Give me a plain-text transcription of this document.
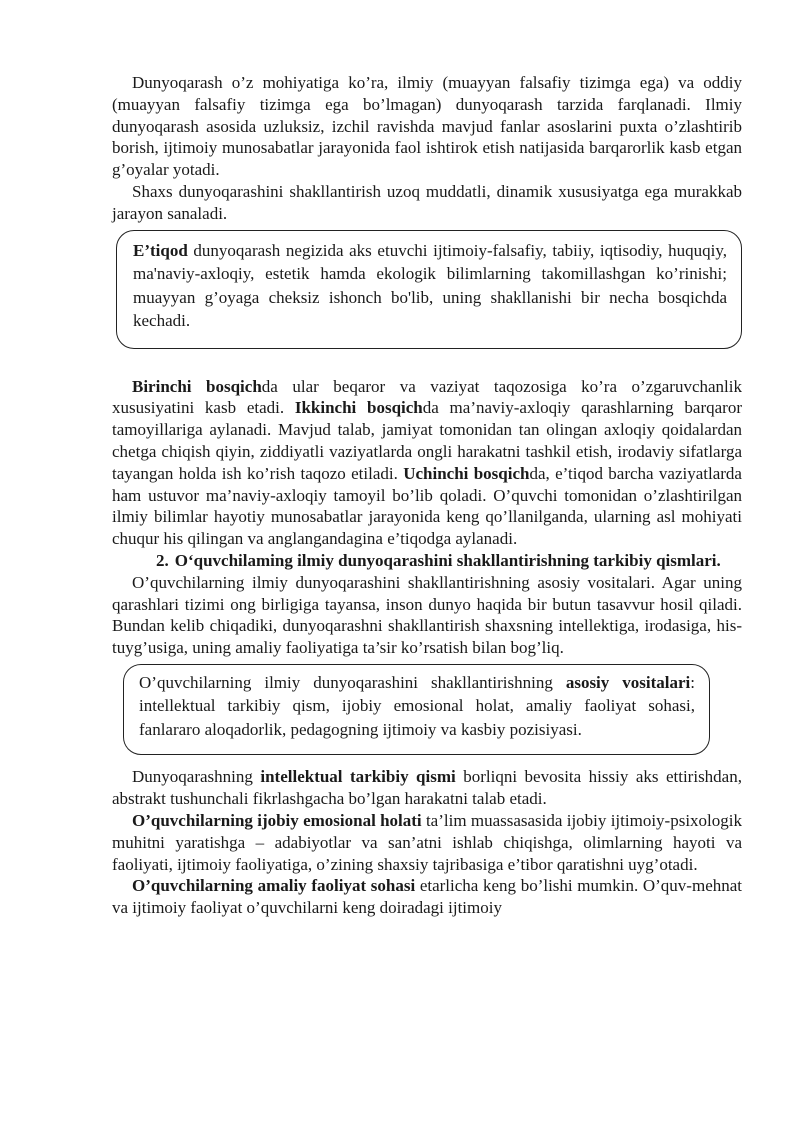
Dunyoqarash o’z mohiyatiga ko’ra, ilmiy (muayyan falsafiy tizimga ega) va oddiy (muayyan falsafiy tizimga ega bo’lmagan) dunyoqarash tarzida farqlanadi. Ilmiy dunyoqarash asosida uzluksiz, izchil ravishda mavjud fanlar asoslarini puxta o’zlashtirib borish, ijtimoiy munosabatlar jarayonida faol ishtirok etish natijasida barqarorlik kasb etgan g’oyalar yotadi.

Shaxs dunyoqarashini shakllantirish uzoq muddatli, dinamik xususiyatga ega murakkab jarayon sanaladi.

E’tiqod dunyoqarash negizida aks etuvchi ijtimoiy-falsafiy, tabiiy, iqtisodiy, huquqiy, ma'naviy-axloqiy, estetik hamda ekologik bilimlarning takomillashgan ko’rinishi; muayyan g’oyaga cheksiz ishonch bo'lib, uning shakllanishi bir necha bosqichda kechadi.

Birinchi bosqichda ular beqaror va vaziyat taqozosiga ko’ra o’zgaruvchanlik xususiyatini kasb etadi. Ikkinchi bosqichda ma’naviy-axloqiy qarashlarning barqaror tamoyillariga aylanadi. Mavjud talab, jamiyat tomonidan tan olingan axloqiy qoidalardan chetga chiqish qiyin, ziddiyatli vaziyatlarda ongli harakatni tashkil etish, irodaviy sifatlarga tayangan holda ish ko’rish taqozo etiladi. Uchinchi bosqichda, e’tiqod barcha vaziyatlarda ham ustuvor ma’naviy-axloqiy tamoyil bo’lib qoladi. O’quvchi tomonidan o’zlashtirilgan ilmiy bilimlar hayotiy munosabatlar jarayonida keng qo’llanilganda, ularning asl mohiyati chuqur his qilingan va anglangandagina e’tiqodga aylanadi.

2. O‘quvchilaming ilmiy dunyoqarashini shakllantirishning tarkibiy qismlari.

O’quvchilarning ilmiy dunyoqarashini shakllantirishning asosiy vositalari. Agar uning qarashlari tizimi ong birligiga tayansa, inson dunyo haqida bir butun tasavvur hosil qiladi. Bundan kelib chiqadiki, dunyoqarashni shakllantirish shaxsning intellektiga, irodasiga, his-tuyg’usiga, uning amaliy faoliyatiga ta’sir ko’rsatish bilan bog’liq.

O’quvchilarning ilmiy dunyoqarashini shakllantirishning asosiy vositalari: intellektual tarkibiy qism, ijobiy emosional holat, amaliy faoliyat sohasi, fanlararo aloqadorlik, pedagogning ijtimoiy va kasbiy pozisiyasi.

Dunyoqarashning intellektual tarkibiy qismi borliqni bevosita hissiy aks ettirishdan, abstrakt tushunchali fikrlashgacha bo’lgan harakatni talab etadi.

O’quvchilarning ijobiy emosional holati ta’lim muassasasida ijobiy ijtimoiy-psixologik muhitni yaratishga – adabiyotlar va san’atni ishlab chiqishga, olimlarning hayoti va faoliyati, ijtimoiy faoliyatiga, o’zining shaxsiy tajribasiga e’tibor qaratishni uyg’otadi.

O’quvchilarning amaliy faoliyat sohasi etarlicha keng bo’lishi mumkin. O’quv-mehnat va ijtimoiy faoliyat o’quvchilarni keng doiradagi ijtimoiy
